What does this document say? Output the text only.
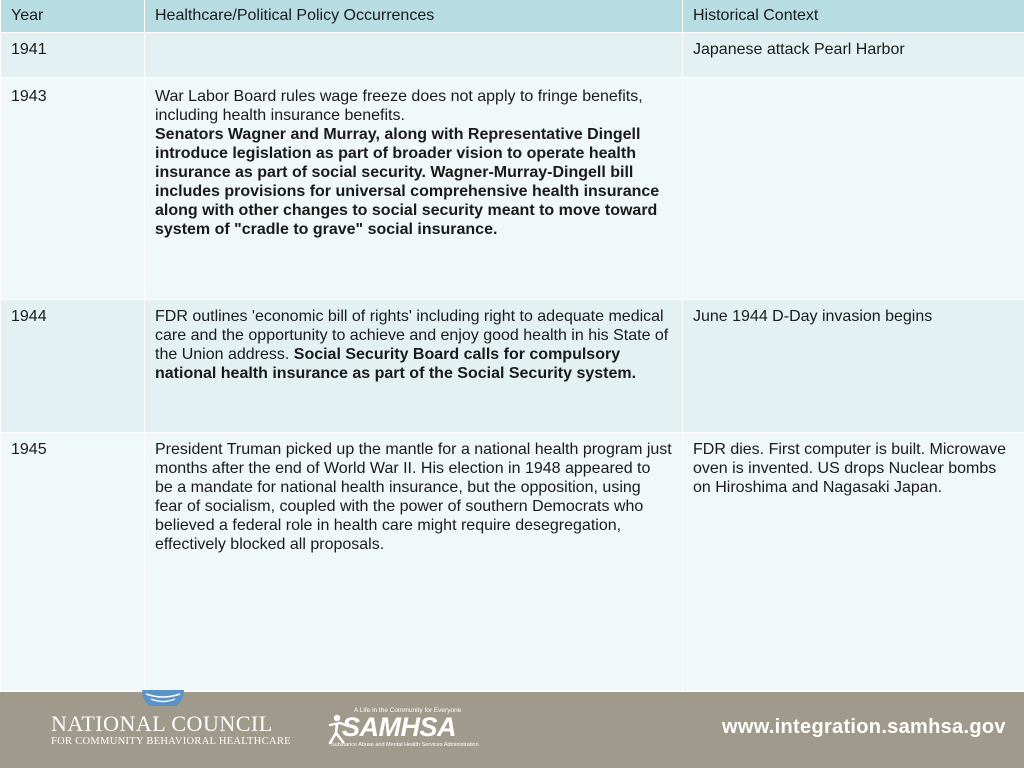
Year	Healthcare/Political Policy Occurrences	Historical Context
1941		Japanese attack Pearl Harbor
1943	War Labor Board rules wage freeze does not apply to fringe benefits, including health insurance benefits.
Senators Wagner and Murray, along with Representative Dingell introduce legislation as part of broader vision to operate health insurance as part of social security. Wagner-Murray-Dingell bill includes provisions for universal comprehensive health insurance along with other changes to social security meant to move toward system of "cradle to grave" social insurance.	

1944	FDR outlines 'economic bill of rights' including right to adequate medical care and the opportunity to achieve and enjoy good health in his State of the Union address. Social Security Board calls for compulsory national health insurance as part of the Social Security system.	June 1944 D-Day invasion begins
1945	President Truman picked up the mantle for a national health program just months after the end of World War II. His election in 1948 appeared to be a mandate for national health insurance, but the opposition, using fear of socialism, coupled with the power of southern Democrats who believed a federal role in health care might require desegregation, effectively blocked all proposals.	FDR dies. First computer is built. Microwave oven is invented. US drops Nuclear bombs on Hiroshima and Nagasaki Japan.
NATIONAL COUNCIL
FOR COMMUNITY BEHAVIORAL HEALTHCARE
A Life in the Community for Everyone
SAMHSA
Substance Abuse and Mental Health Services Administration
www.integration.samhsa.gov
